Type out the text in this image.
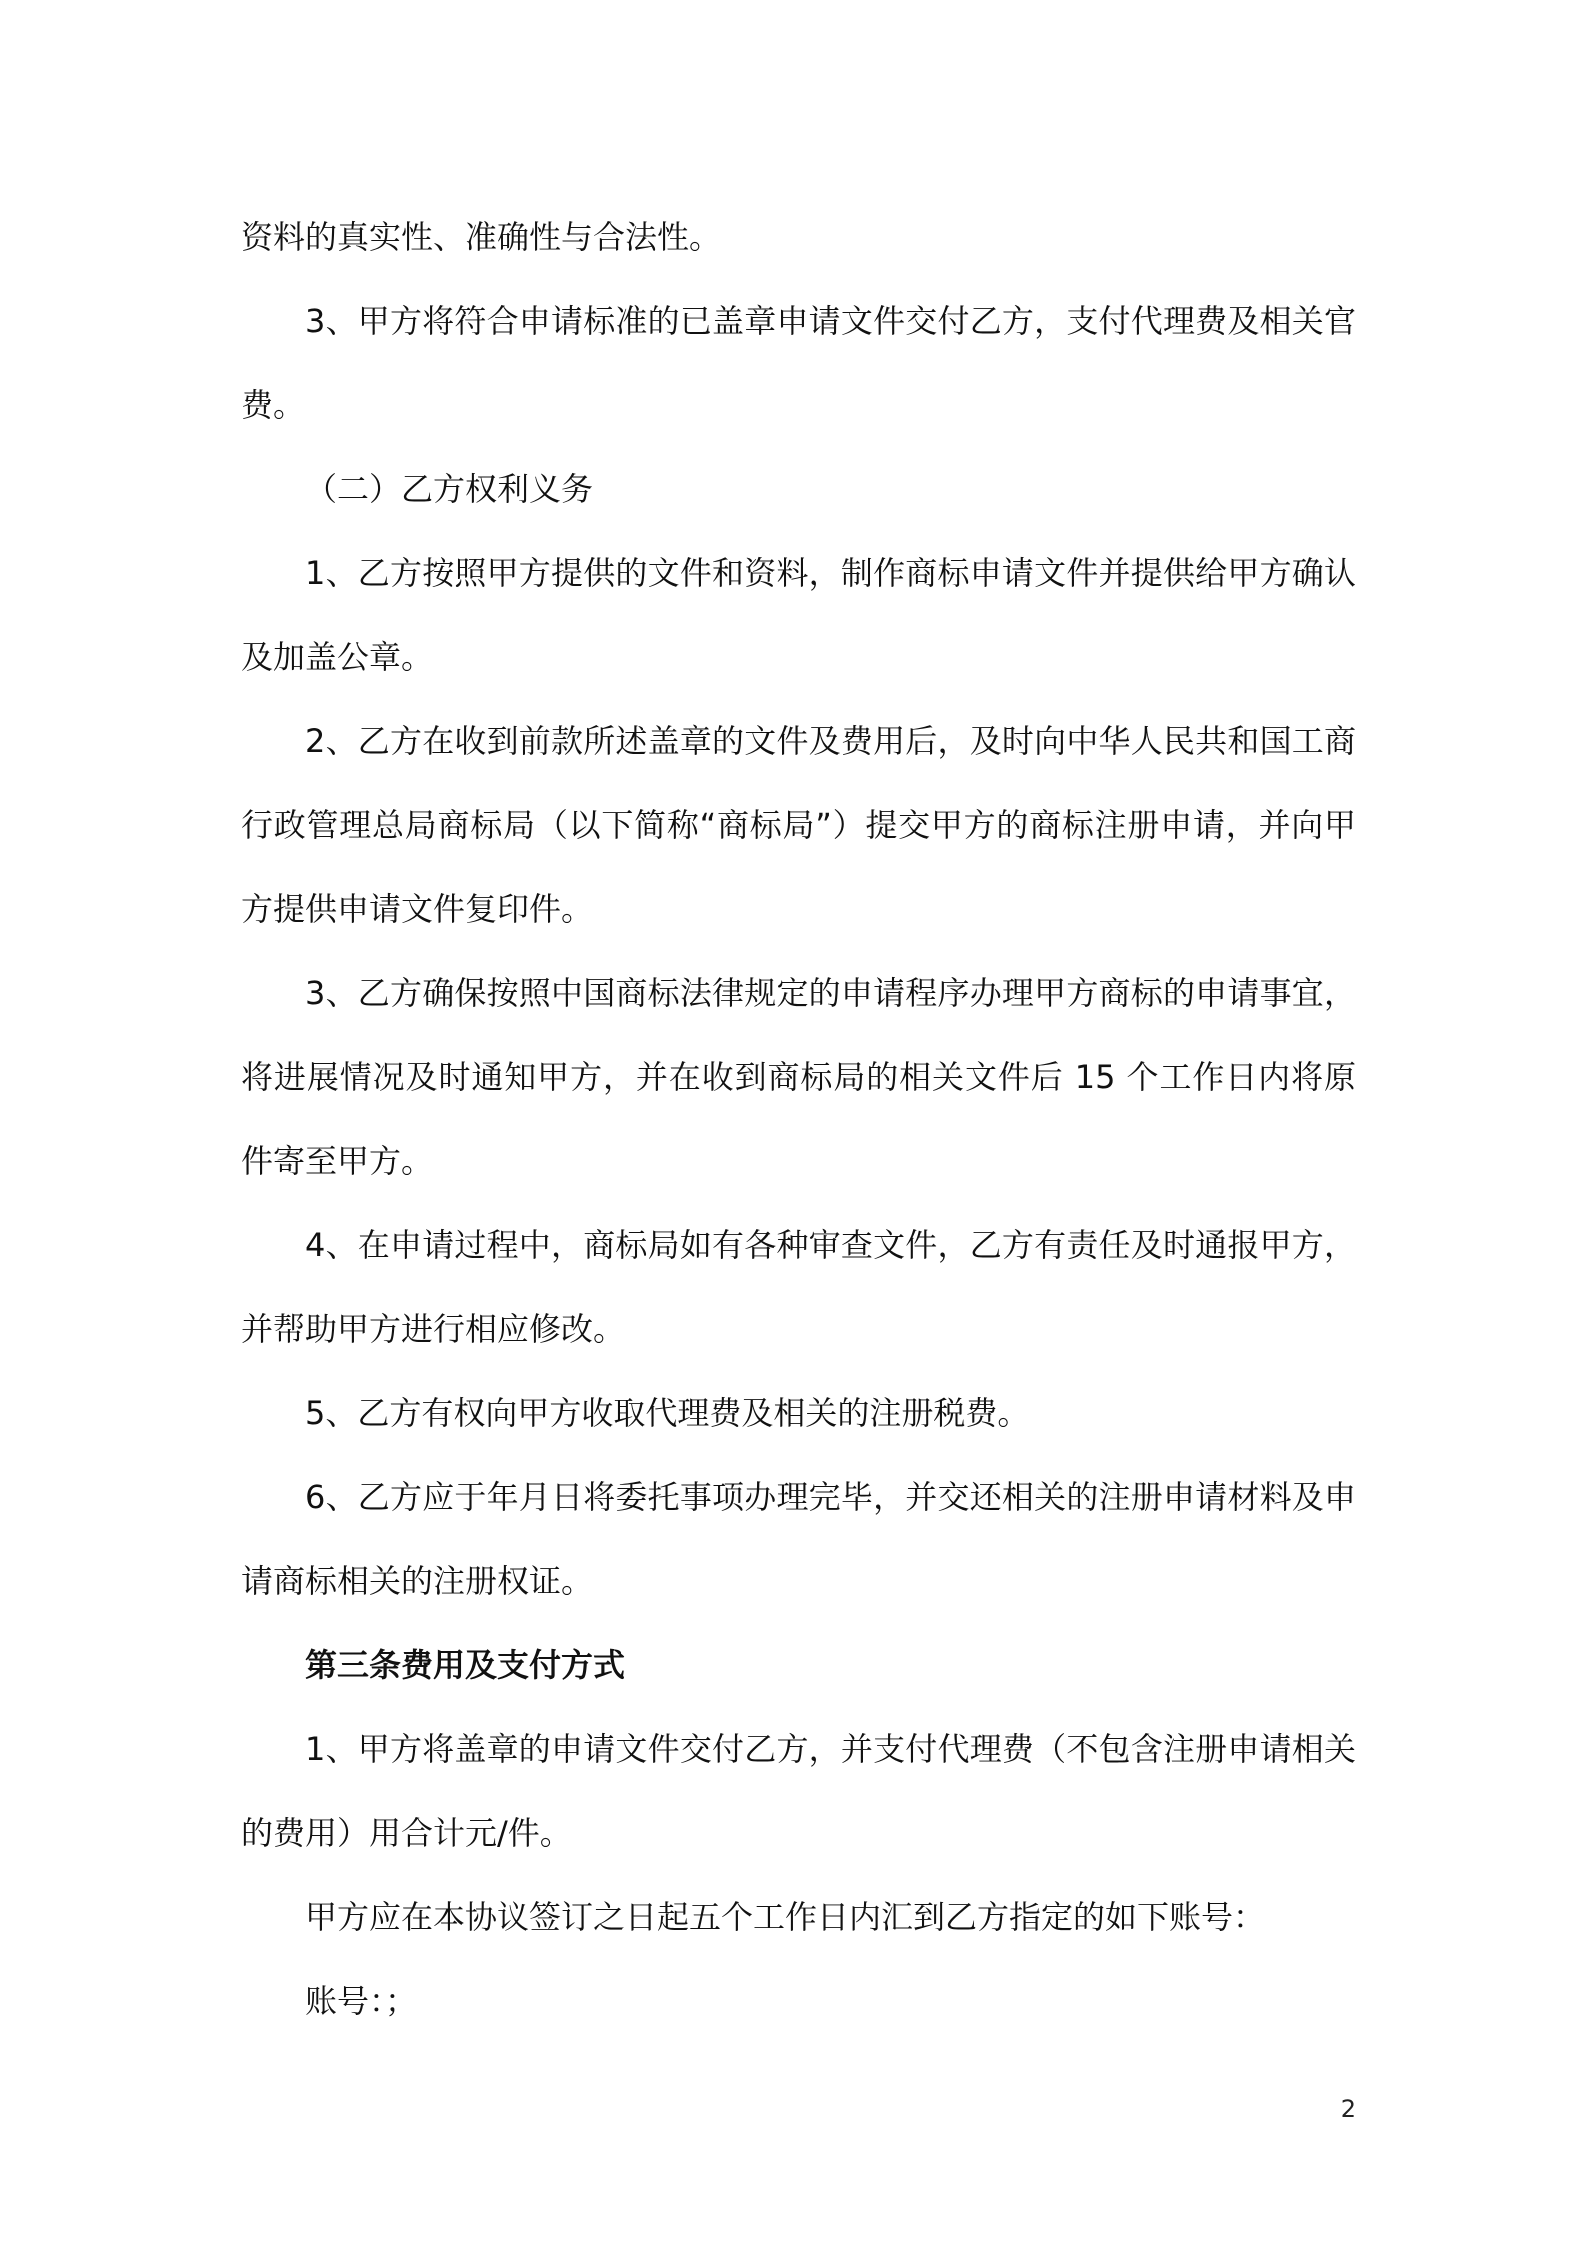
资料的真实性、准确性与合法性。

3、甲方将符合申请标准的已盖章申请文件交付乙方，支付代理费及相关官费。

（二）乙方权利义务

1、乙方按照甲方提供的文件和资料，制作商标申请文件并提供给甲方确认及加盖公章。

2、乙方在收到前款所述盖章的文件及费用后，及时向中华人民共和国工商行政管理总局商标局（以下简称“商标局”）提交甲方的商标注册申请，并向甲方提供申请文件复印件。

3、乙方确保按照中国商标法律规定的申请程序办理甲方商标的申请事宜，将进展情况及时通知甲方，并在收到商标局的相关文件后 15 个工作日内将原件寄至甲方。

4、在申请过程中，商标局如有各种审查文件，乙方有责任及时通报甲方，并帮助甲方进行相应修改。

5、乙方有权向甲方收取代理费及相关的注册税费。

6、乙方应于年月日将委托事项办理完毕，并交还相关的注册申请材料及申请商标相关的注册权证。

第三条费用及支付方式

1、甲方将盖章的申请文件交付乙方，并支付代理费（不包含注册申请相关的费用）用合计元/件。

甲方应在本协议签订之日起五个工作日内汇到乙方指定的如下账号：

账号：；

2
